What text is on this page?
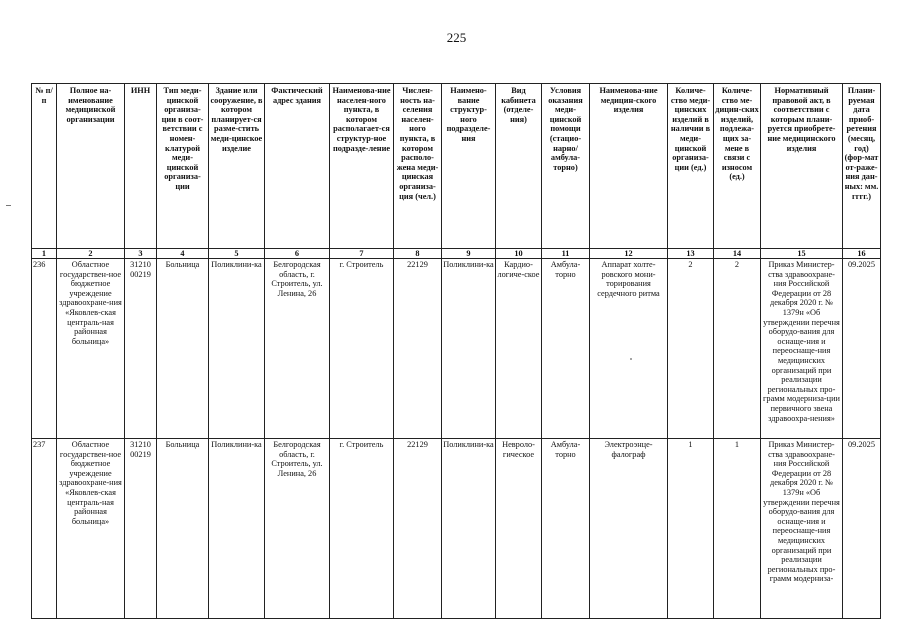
225
№ п/п	Полное на-именование медицинской организации	ИНН	Тип меди-цинской организа-ции в соот-ветствии с номен-клатурой меди-цинской организа-ции	Здание или сооружение, в котором планирует-ся разме-стить меди-цинское изделие	Фактический адрес здания	Наименова-ние населен-ного пункта, в котором располагает-ся структур-ное подразде-ление	Числен-ность на-селения населен-ного пункта, в котором располо-жена меди-цинская организа-ция (чел.)	Наимено-вание структур-ного подразделе-ния	Вид кабинета (отделе-ния)	Условия оказания меди-цинской помощи (стацио-нарно/ амбула-торно)	Наименова-ние медицин-ского изделия	Количе-ство меди-цинских изделий в наличии в меди-цинской организа-ции (ед.)	Количе-ство ме-дицин-ских изделий, подлежа-щих за-мене в связи с износом (ед.)	Нормативный правовой акт, в соответствии с которым плани-руется приобрете-ние медицинского изделия	Плани-руемая дата приоб-ретения (месяц, год) (фор-мат от-раже-ния дан-ных: мм. гггг.)
1	2	3	4	5	6	7	8	9	10	11	12	13	14	15	16
236	Областное государствен-ное бюджетное учреждение здравоохране-ния «Яковлев-ская централь-ная районная больница»	31210 00219	Больница	Поликлини-ка	Белгородская область, г. Строитель, ул. Ленина, 26	г. Строитель	22129	Поликлини-ка	Кардио-логиче-ское	Амбула-торно	Аппарат холте-ровского мони-торирования сердечного ритма	2	2	Приказ Министер-ства здравоохране-ния Российской Федерации от 28 декабря 2020 г. № 1379н «Об утверждении перечня оборудо-вания для оснаще-ния и переоснаще-ния медицинских организаций при реализации региональных про-грамм модерниза-ции первичного звена здравоохра-нения»	09.2025
237	Областное государствен-ное бюджетное учреждение здравоохране-ния «Яковлев-ская централь-ная районная больница»	31210 00219	Больница	Поликлини-ка	Белгородская область, г. Строитель, ул. Ленина, 26	г. Строитель	22129	Поликлини-ка	Невроло-гическое	Амбула-торно	Электроэнце-фалограф	1	1	Приказ Министер-ства здравоохране-ния Российской Федерации от 28 декабря 2020 г. № 1379н «Об утверждении перечня оборудо-вания для оснаще-ния и переоснаще-ния медицинских организаций при реализации региональных про-грамм модерниза-	09.2025
